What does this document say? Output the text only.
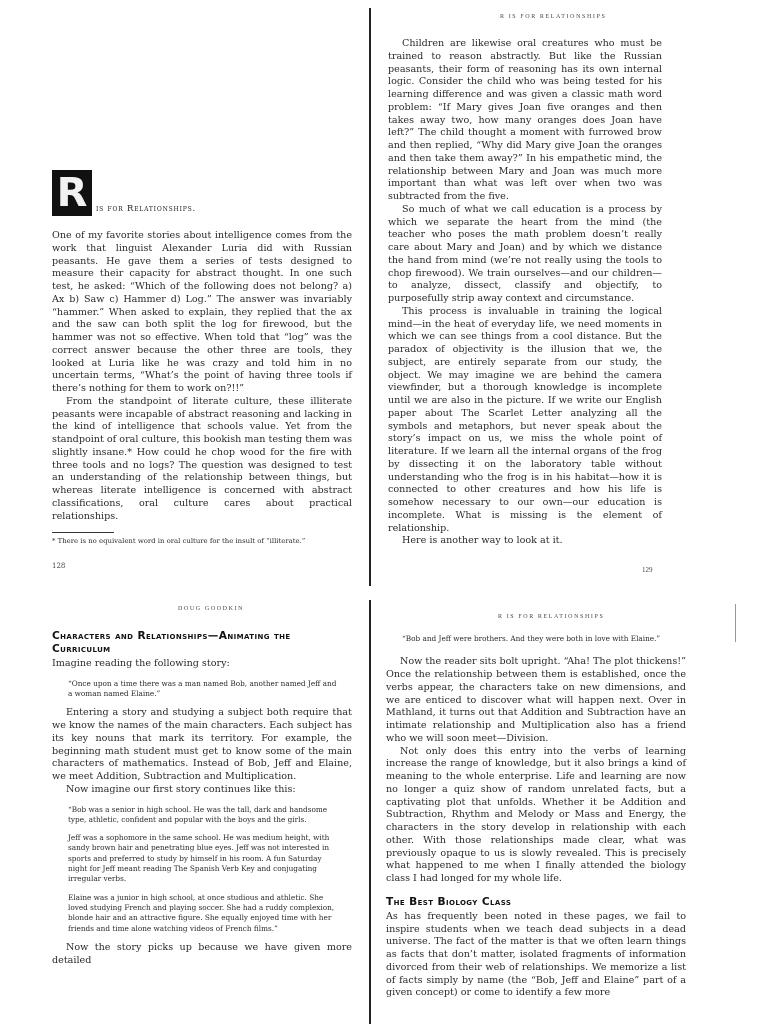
R is for Relationships.

One of my favorite stories about intelligence comes from the work that linguist Alexander Luria did with Russian peasants. He gave them a series of tests designed to measure their capacity for abstract thought. In one such test, he asked: “Which of the following does not belong? a) Ax b) Saw c) Hammer d) Log.” The answer was invariably “hammer.” When asked to explain, they replied that the ax and the saw can both split the log for firewood, but the hammer was not so effective. When told that “log” was the correct answer because the other three are tools, they looked at Luria like he was crazy and told him in no uncertain terms, “What’s the point of having three tools if there’s nothing for them to work on?!!”

From the standpoint of literate culture, these illiterate peasants were incapable of abstract reasoning and lacking in the kind of intelligence that schools value. Yet from the standpoint of oral culture, this bookish man testing them was slightly insane.* How could he chop wood for the fire with three tools and no logs? The question was designed to test an understanding of the relationship between things, but whereas literate intelligence is concerned with abstract classifications, oral culture cares about practical relationships.

* There is no equivalent word in oral culture for the insult of “illiterate.”

128
R IS FOR RELATIONSHIPS

Children are likewise oral creatures who must be trained to reason abstractly. But like the Russian peasants, their form of reasoning has its own internal logic. Consider the child who was being tested for his learning difference and was given a classic math word problem: “If Mary gives Joan five oranges and then takes away two, how many oranges does Joan have left?” The child thought a moment with furrowed brow and then replied, “Why did Mary give Joan the oranges and then take them away?” In his empathetic mind, the relationship between Mary and Joan was much more important than what was left over when two was subtracted from the five.

So much of what we call education is a process by which we separate the heart from the mind (the teacher who poses the math problem doesn’t really care about Mary and Joan) and by which we distance the hand from mind (we’re not really using the tools to chop firewood). We train ourselves—and our children—to analyze, dissect, classify and objectify, to purposefully strip away context and circumstance.

This process is invaluable in training the logical mind—in the heat of everyday life, we need moments in which we can see things from a cool distance. But the paradox of objectivity is the illusion that we, the subject, are entirely separate from our study, the object. We may imagine we are behind the camera viewfinder, but a thorough knowledge is incomplete until we are also in the picture. If we write our English paper about The Scarlet Letter analyzing all the symbols and metaphors, but never speak about the story’s impact on us, we miss the whole point of literature. If we learn all the internal organs of the frog by dissecting it on the laboratory table without understanding who the frog is in his habitat—how it is connected to other creatures and how his life is somehow necessary to our own—our education is incomplete. What is missing is the element of relationship.

Here is another way to look at it.

129
DOUG GOODKIN
Characters and Relationships—Animating the Curriculum

Imagine reading the following story:

“Once upon a time there was a man named Bob, another named Jeff and a woman named Elaine.”

Entering a story and studying a subject both require that we know the names of the main characters. Each subject has its key nouns that mark its territory. For example, the beginning math student must get to know some of the main characters of mathematics. Instead of Bob, Jeff and Elaine, we meet Addition, Subtraction and Multiplication.

Now imagine our first story continues like this:

“Bob was a senior in high school. He was the tall, dark and handsome type, athletic, confident and popular with the boys and the girls.

Jeff was a sophomore in the same school. He was medium height, with sandy brown hair and penetrating blue eyes. Jeff was not interested in sports and preferred to study by himself in his room. A fun Saturday night for Jeff meant reading The Spanish Verb Key and conjugating irregular verbs.

Elaine was a junior in high school, at once studious and athletic. She loved studying French and playing soccer. She had a ruddy complexion, blonde hair and an attractive figure. She equally enjoyed time with her friends and time alone watching videos of French films.”

Now the story picks up because we have given more detailed

R IS FOR RELATIONSHIPS

“Bob and Jeff were brothers. And they were both in love with Elaine.”

Now the reader sits bolt upright. “Aha! The plot thickens!” Once the relationship between them is established, once the verbs appear, the characters take on new dimensions, and we are enticed to discover what will happen next. Over in Mathland, it turns out that Addition and Subtraction have an intimate relationship and Multiplication also has a friend who we will soon meet—Division.

Not only does this entry into the verbs of learning increase the range of knowledge, but it also brings a kind of meaning to the whole enterprise. Life and learning are now no longer a quiz show of random unrelated facts, but a captivating plot that unfolds. Whether it be Addition and Subtraction, Rhythm and Melody or Mass and Energy, the characters in the story develop in relationship with each other. With those relationships made clear, what was previously opaque to us is slowly revealed. This is precisely what happened to me when I finally attended the biology class I had longed for my whole life.

The Best Biology Class

As has frequently been noted in these pages, we fail to inspire students when we teach dead subjects in a dead universe. The fact of the matter is that we often learn things as facts that don’t matter, isolated fragments of information divorced from their web of relationships. We memorize a list of facts simply by name (the “Bob, Jeff and Elaine” part of a given concept) or come to identify a few more
